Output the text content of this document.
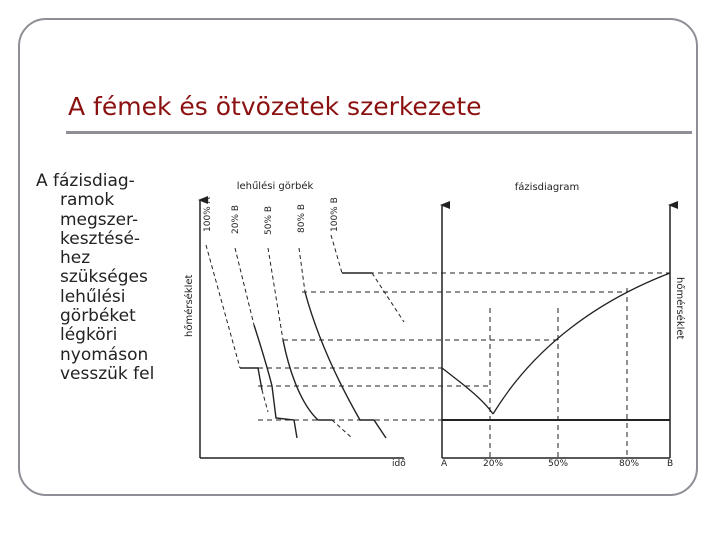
A fémek és ötvözetek szerkezete
A fázisdiag-
ramok
megszer-
kesztésé-
hez
szükséges
lehűlési
görbéket
légköri
nyomáson
vesszük fel
lehűlési görbék	fázisdiagram
100% A 20% B	50% B	80% B	100% B
hőmérséklet	hőmérséklet
idő	A	20%	50%	80%	B
